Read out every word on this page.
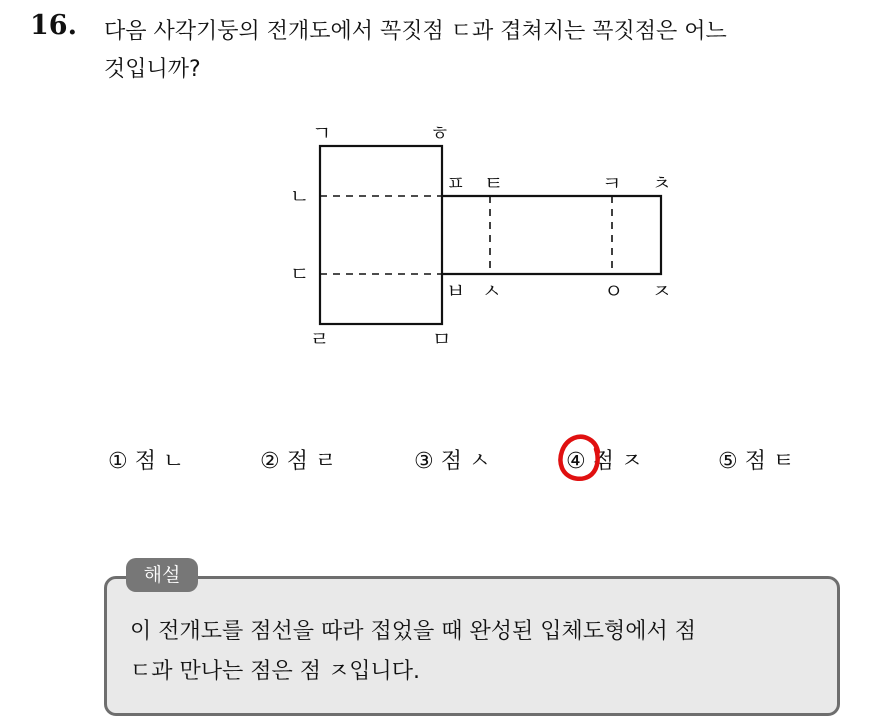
16. 다음 사각기둥의 전개도에서 꼭짓점 ㄷ과 겹쳐지는 꼭짓점은 어느
것입니까?
ㄱ	ㅎ
ㅍ ㅌ	ㅋ ㅊ
ㄴ
ㄷ
ㅂ ㅅ	ㅇ ㅈ
ㄹ	ㅁ
① 점 ㄴ	② 점 ㄹ	③ 점 ㅅ	④ 점 ㅈ	⑤ 점 ㅌ
해설
이 전개도를 점선을 따라 접었을 때 완성된 입체도형에서 점
ㄷ과 만나는 점은 점 ㅈ입니다.
